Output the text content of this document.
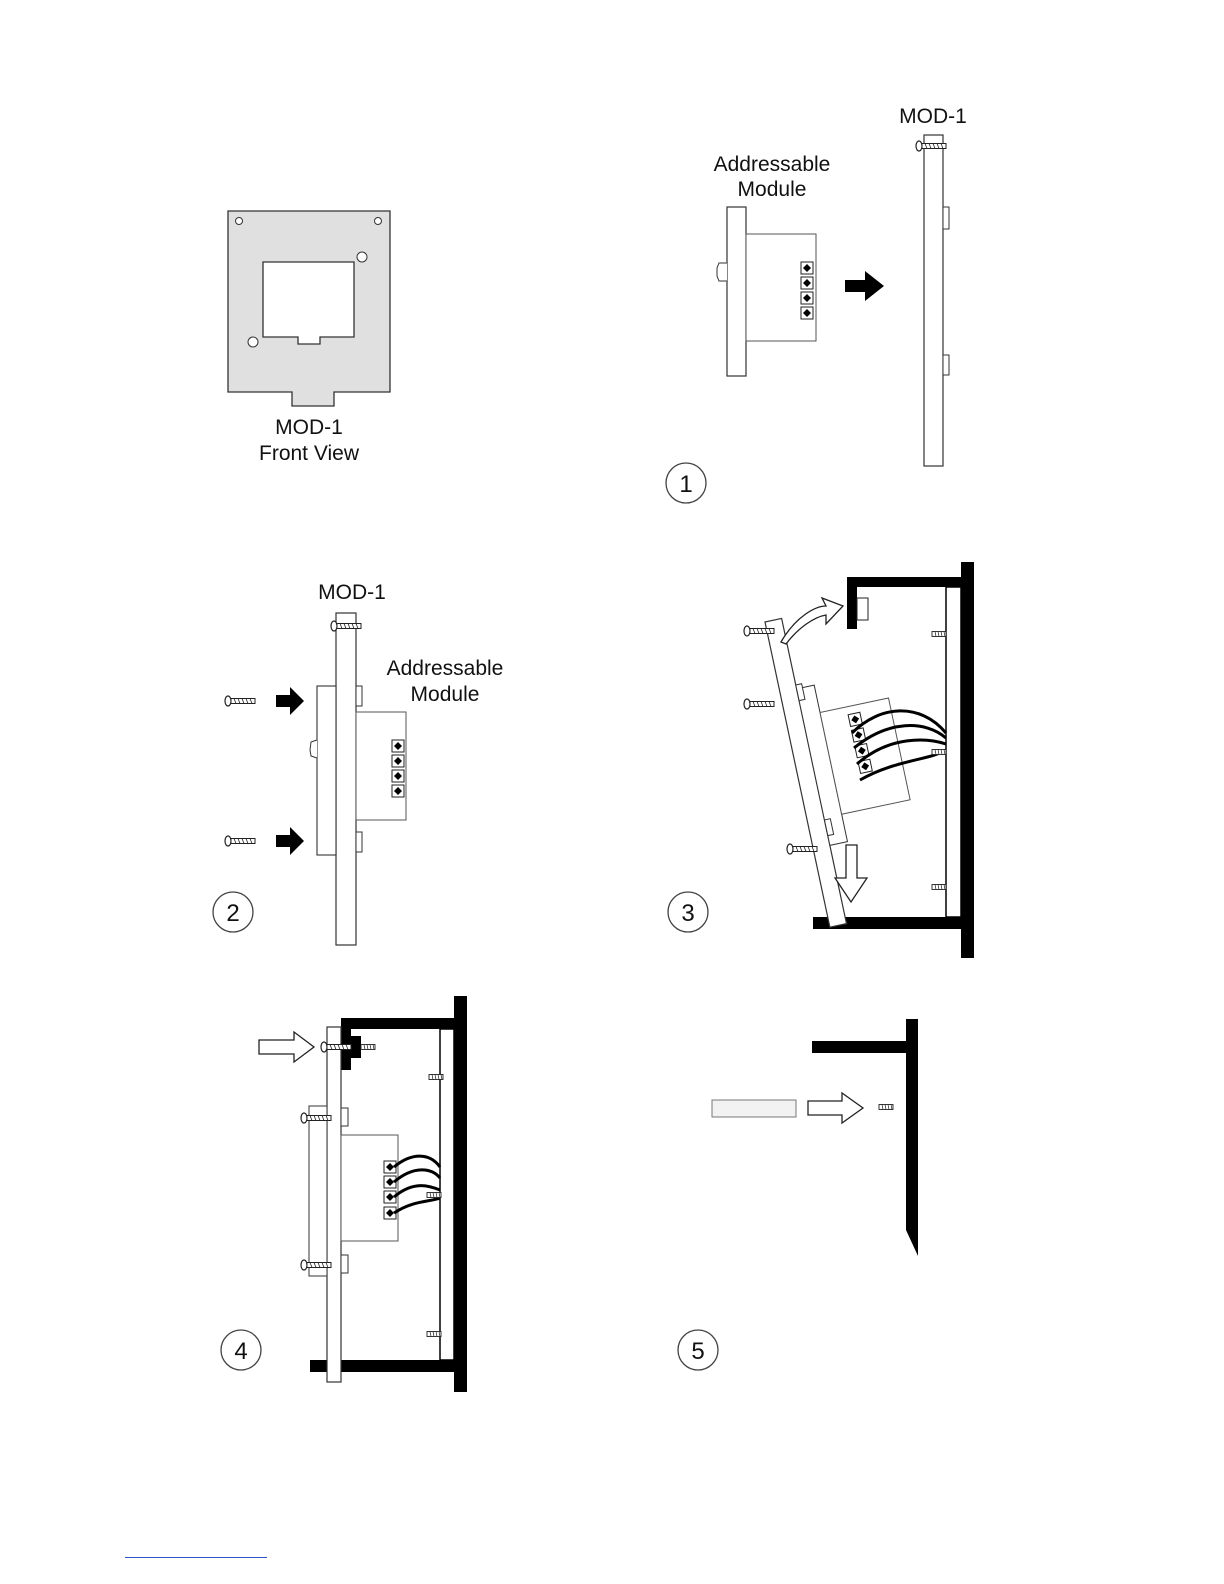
MOD-1
Front View
MOD-1
Addressable
Module
1
MOD-1
Addressable
Module
2	3
4	5
